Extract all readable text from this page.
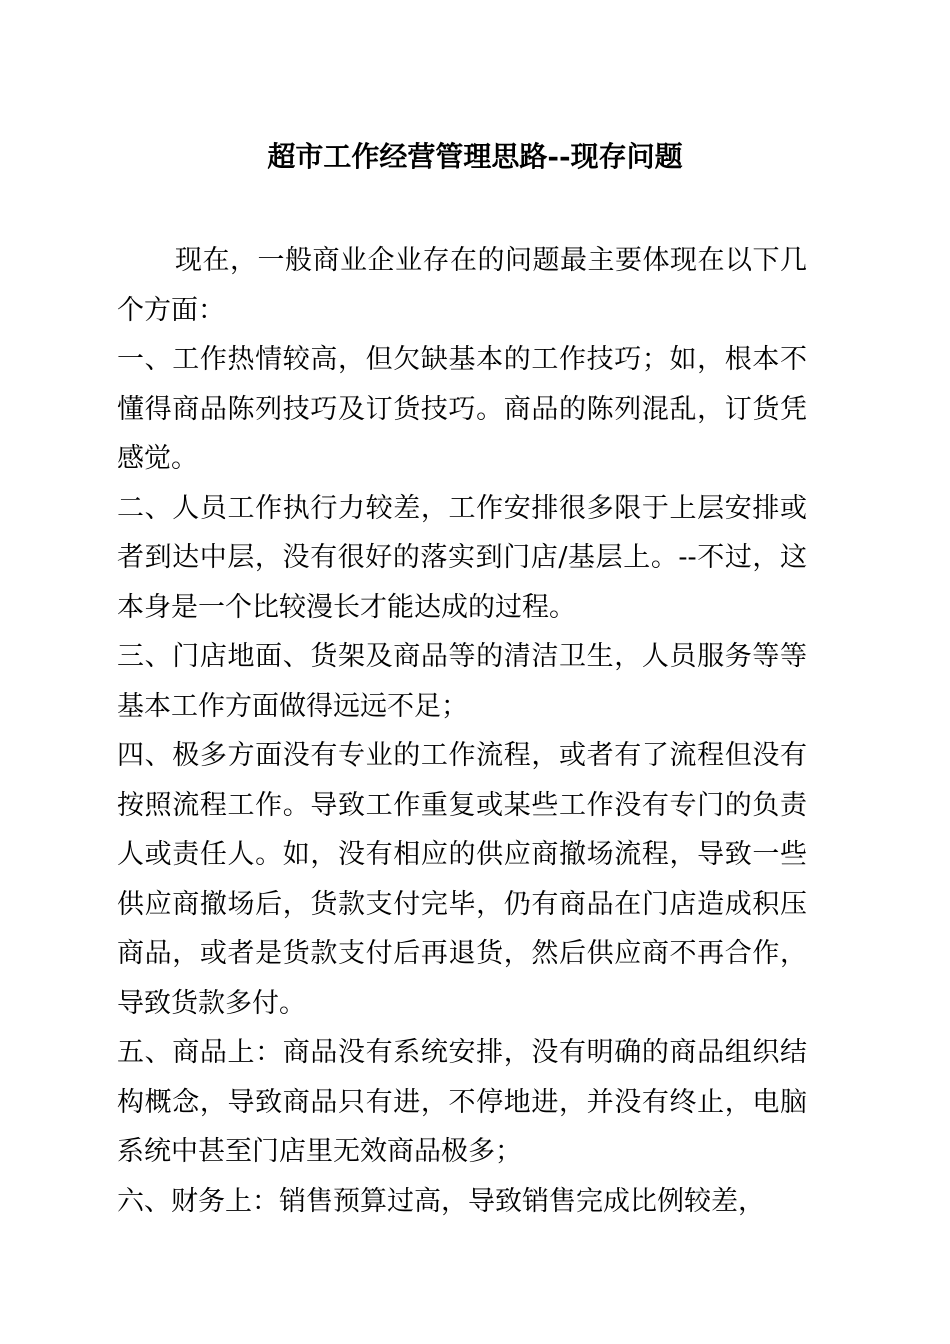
超市工作经营管理思路--现存问题

现在，一般商业企业存在的问题最主要体现在以下几个方面：

一、工作热情较高，但欠缺基本的工作技巧；如，根本不懂得商品陈列技巧及订货技巧。商品的陈列混乱，订货凭感觉。

二、人员工作执行力较差，工作安排很多限于上层安排或者到达中层，没有很好的落实到门店/基层上。--不过，这本身是一个比较漫长才能达成的过程。

三、门店地面、货架及商品等的清洁卫生，人员服务等等基本工作方面做得远远不足；

四、极多方面没有专业的工作流程，或者有了流程但没有按照流程工作。导致工作重复或某些工作没有专门的负责人或责任人。如，没有相应的供应商撤场流程，导致一些供应商撤场后，货款支付完毕，仍有商品在门店造成积压商品，或者是货款支付后再退货，然后供应商不再合作，导致货款多付。

五、商品上：商品没有系统安排，没有明确的商品组织结构概念，导致商品只有进，不停地进，并没有终止，电脑系统中甚至门店里无效商品极多；

六、财务上：销售预算过高，导致销售完成比例较差，
